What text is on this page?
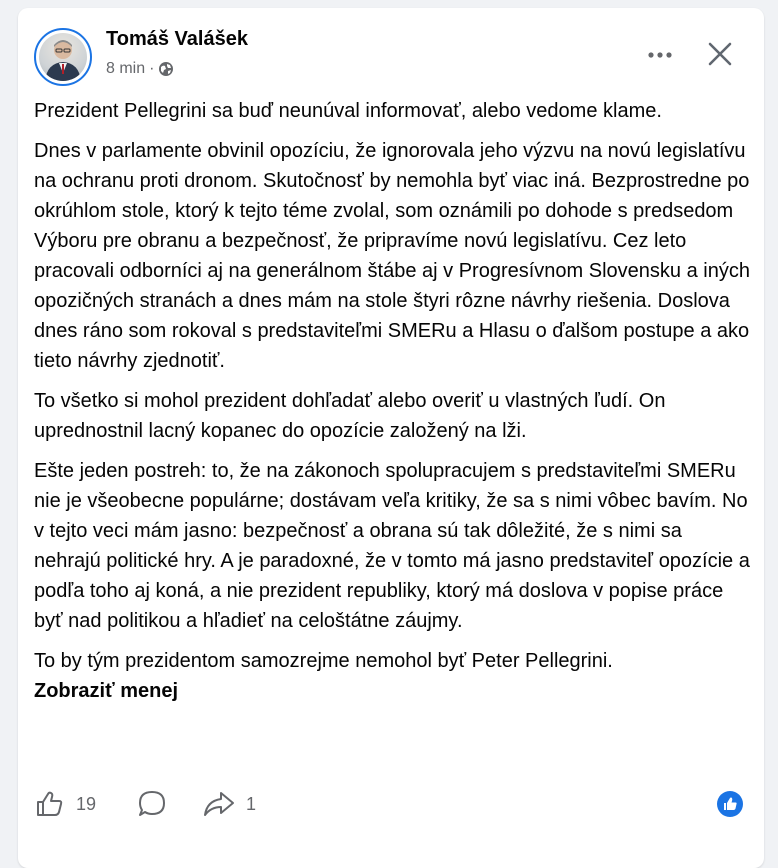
Tomáš Valášek
8 min ·

Prezident Pellegrini sa buď neunúval informovať, alebo vedome klame.

Dnes v parlamente obvinil opozíciu, že ignorovala jeho výzvu na novú legislatívu na ochranu proti dronom. Skutočnosť by nemohla byť viac iná. Bezprostredne po okrúhlom stole, ktorý k tejto téme zvolal, som oznámili po dohode s predsedom Výboru pre obranu a bezpečnosť, že pripravíme novú legislatívu. Cez leto pracovali odborníci aj na generálnom štábe aj v Progresívnom Slovensku a iných opozičných stranách a dnes mám na stole štyri rôzne návrhy riešenia. Doslova dnes ráno som rokoval s predstaviteľmi SMERu a Hlasu o ďalšom postupe a ako tieto návrhy zjednotiť.

To všetko si mohol prezident dohľadať alebo overiť u vlastných ľudí. On uprednostnil lacný kopanec do opozície založený na lži.

Ešte jeden postreh: to, že na zákonoch spolupracujem s predstaviteľmi SMERu nie je všeobecne populárne; dostávam veľa kritiky, že sa s nimi vôbec bavím. No v tejto veci mám jasno: bezpečnosť a obrana sú tak dôležité, že s nimi sa nehrajú politické hry. A je paradoxné, že v tomto má jasno predstaviteľ opozície a podľa toho aj koná, a nie prezident republiky, ktorý má doslova v popise práce byť nad politikou a hľadieť na celoštátne záujmy.

To by tým prezidentom samozrejme nemohol byť Peter Pellegrini.

Zobraziť menej
19	1
